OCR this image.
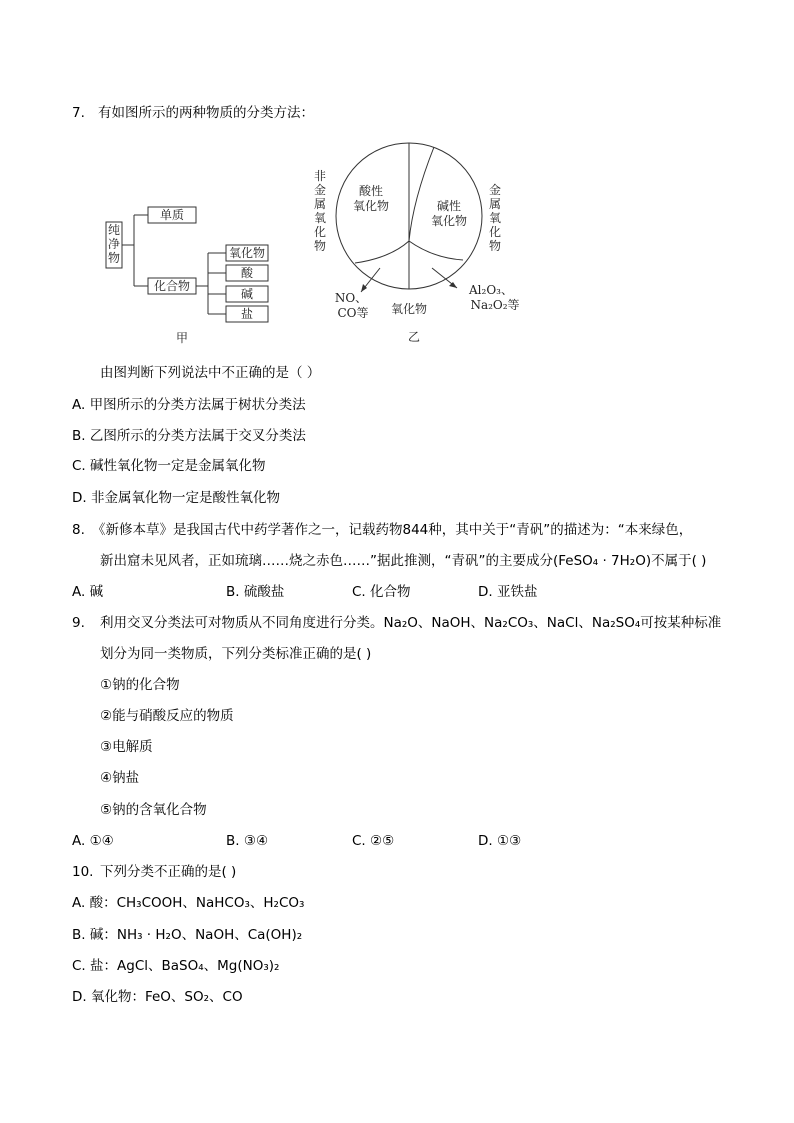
7. 有如图所示的两种物质的分类方法：
纯净物
单质
化合物
氧化物
酸
碱
盐
甲
非
金
属
氧
化
物
金
属
氧
化
物
酸性
氧化物	碱性
氧化物
NO、
CO等 氧化物
Al₂O₃、
Na₂O₂等
乙
由图判断下列说法中不正确的是（ ）
A. 甲图所示的分类方法属于树状分类法
B. 乙图所示的分类方法属于交叉分类法
C. 碱性氧化物一定是金属氧化物
D. 非金属氧化物一定是酸性氧化物
8. 《新修本草》是我国古代中药学著作之一，记载药物844种，其中关于“青矾”的描述为：“本来绿色，
新出窟未见风者，正如琉璃……烧之赤色……”据此推测，“青矾”的主要成分(FeSO₄ · 7H₂O)不属于( )
A. 碱	B. 硫酸盐	C. 化合物	D. 亚铁盐
9. 利用交叉分类法可对物质从不同角度进行分类。Na₂O、NaOH、Na₂CO₃、NaCl、Na₂SO₄可按某种标准
划分为同一类物质，下列分类标准正确的是( )
①钠的化合物
②能与硝酸反应的物质
③电解质
④钠盐
⑤钠的含氧化合物
A. ①④	B. ③④	C. ②⑤	D. ①③
10. 下列分类不正确的是( )
A. 酸：CH₃COOH、NaHCO₃、H₂CO₃
B. 碱：NH₃ · H₂O、NaOH、Ca(OH)₂
C. 盐：AgCl、BaSO₄、Mg(NO₃)₂
D. 氧化物：FeO、SO₂、CO
